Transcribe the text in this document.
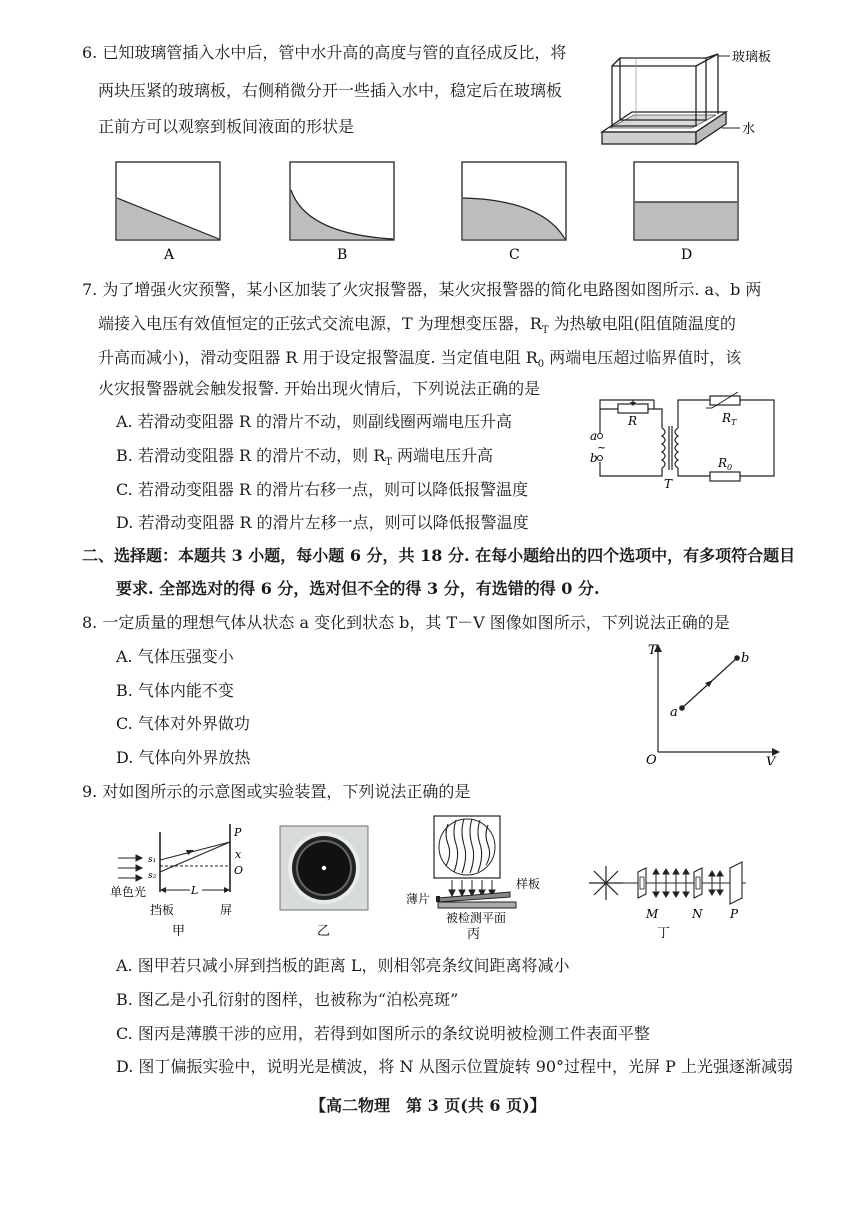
6. 已知玻璃管插入水中后，管中水升高的高度与管的直径成反比，将
两块压紧的玻璃板，右侧稍微分开一些插入水中，稳定后在玻璃板
正前方可以观察到板间液面的形状是
玻璃板
水
A	B	C	D
7. 为了增强火灾预警，某小区加装了火灾报警器，某火灾报警器的简化电路图如图所示. a、b 两
端接入电压有效值恒定的正弦式交流电源，T 为理想变压器，$R_T$ 为热敏电阻(阻值随温度的
升高而减小)，滑动变阻器 R 用于设定报警温度. 当定值电阻 $R_0$ 两端电压超过临界值时，该
火灾报警器就会触发报警. 开始出现火情后，下列说法正确的是
A. 若滑动变阻器 R 的滑片不动，则副线圈两端电压升高
B. 若滑动变阻器 R 的滑片不动，则 $R_T$ 两端电压升高
C. 若滑动变阻器 R 的滑片右移一点，则可以降低报警温度
D. 若滑动变阻器 R 的滑片左移一点，则可以降低报警温度
a
~
b
R
T
$R_T$
$R_0$
二、选择题：本题共 3 小题，每小题 6 分，共 18 分. 在每小题给出的四个选项中，有多项符合题目
要求. 全部选对的得 6 分，选对但不全的得 3 分，有选错的得 0 分.
8. 一定质量的理想气体从状态 a 变化到状态 b，其 T－V 图像如图所示，下列说法正确的是
A. 气体压强变小
B. 气体内能不变
C. 气体对外界做功
D. 气体向外界放热
T
V
O
a
b
9. 对如图所示的示意图或实验装置，下列说法正确的是
s₁
s₂
P
x
O
L
单色光
挡板	屏
甲	乙
薄片
样板
被检测平面
丙
M	N P
丁
A. 图甲若只减小屏到挡板的距离 L，则相邻亮条纹间距离将减小
B. 图乙是小孔衍射的图样，也被称为“泊松亮斑”
C. 图丙是薄膜干涉的应用，若得到如图所示的条纹说明被检测工件表面平整
D. 图丁偏振实验中，说明光是横波，将 N 从图示位置旋转 90°过程中，光屏 P 上光强逐渐减弱
【高二物理　第 3 页(共 6 页)】
